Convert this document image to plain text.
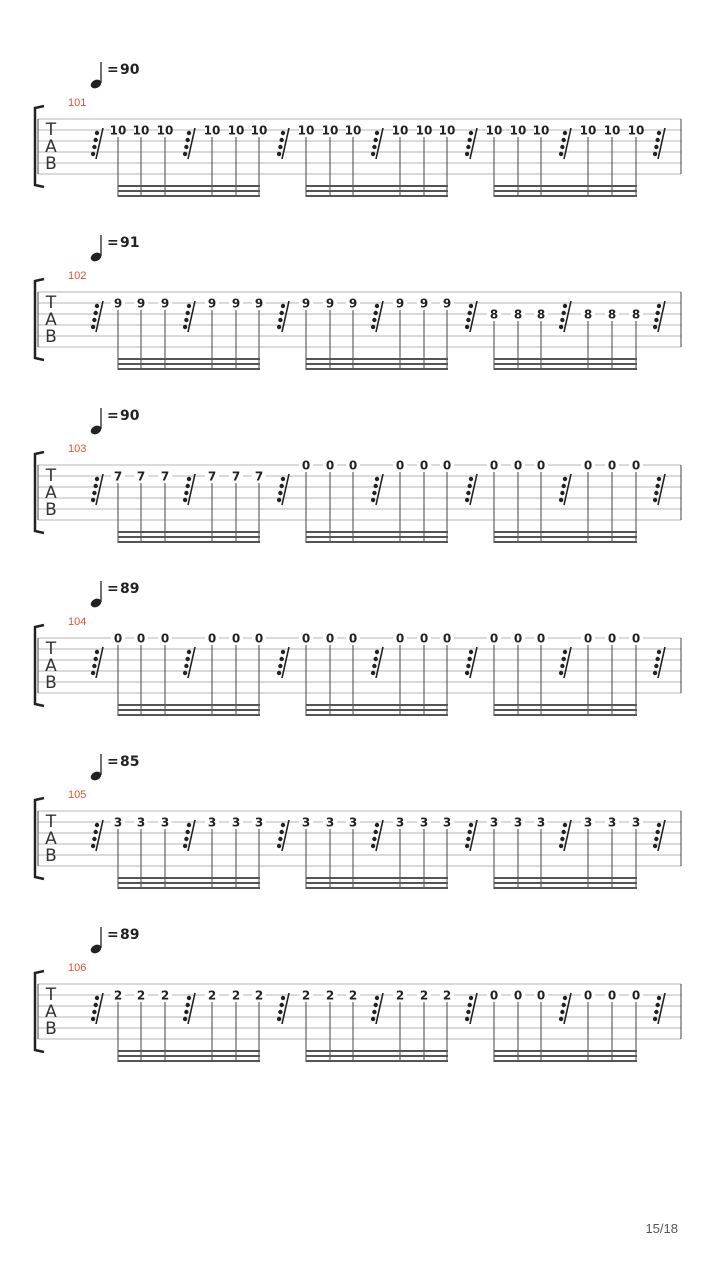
= 90
101
T
A
B
10 10 10	10 10 10	10 10 10	10 10 10	10 10 10	10 10 10
= 91
102
T
A
B
9 9 9	9 9 9	9 9 9	9 9 9
8 8 8	8 8 8
= 90
103
T
A
B
7 7 7	7 7 7
0 0 0	0 0 0	0 0 0	0 0 0
= 89
104
T
A
B
0 0 0	0 0 0	0 0 0	0 0 0	0 0 0	0 0 0
= 85
105
T
A
B
3 3 3	3 3 3	3 3 3	3 3 3	3 3 3	3 3 3
= 89
106
T
A
B
2 2 2	2 2 2	2 2 2	2 2 2	0 0 0	0 0 0
15/18
